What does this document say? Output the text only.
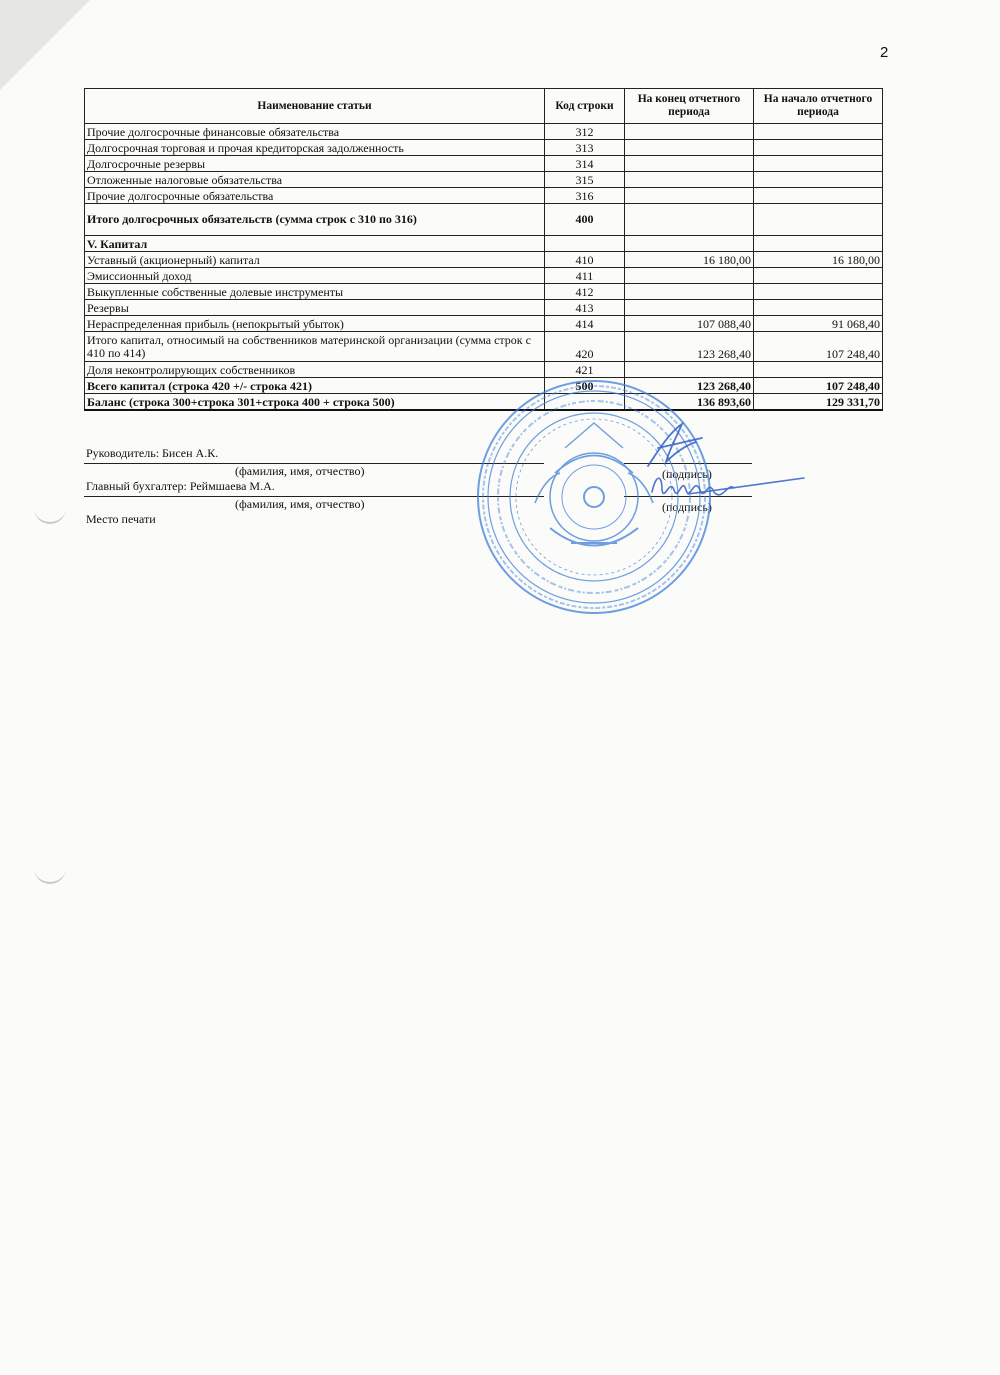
2
Наименование статьи	Код строки	На конец отчетного периода	На начало отчетного периода
Прочие долгосрочные финансовые обязательства	312		
Долгосрочная торговая и прочая кредиторская задолженность	313		
Долгосрочные резервы	314		
Отложенные налоговые обязательства	315		
Прочие долгосрочные обязательства	316		
Итого долгосрочных обязательств (сумма строк с 310 по 316)	400		
V. Капитал			
Уставный (акционерный) капитал	410	16 180,00	16 180,00
Эмиссионный доход	411		
Выкупленные собственные долевые инструменты	412		
Резервы	413		
Нераспределенная прибыль (непокрытый убыток)	414	107 088,40	91 068,40
Итого капитал, относимый на собственников материнской организации (сумма строк с 410 по 414)	420	123 268,40	107 248,40
Доля неконтролирующих собственников	421		
Всего капитал (строка 420 +/- строка 421)	500	123 268,40	107 248,40
Баланс (строка 300+строка 301+строка 400 + строка 500)		136 893,60	129 331,70
Руководитель: Бисен А.К.
(фамилия, имя, отчество)	(подпись)
Главный бухгалтер: Реймшаева М.А.
(фамилия, имя, отчество)	(подпись)
Место печати
